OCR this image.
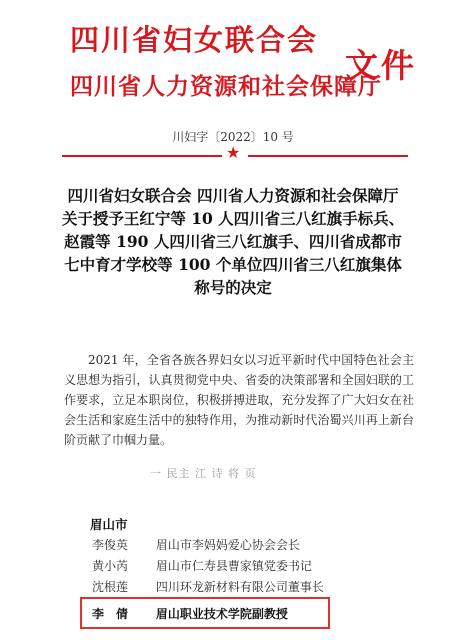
四川省妇女联合会
四川省人力资源和社会保障厅
文件
川妇字〔2022〕10 号
★
四川省妇女联合会 四川省人力资源和社会保障厅
关于授予王红宁等 10 人四川省三八红旗手标兵、
赵霞等 190 人四川省三八红旗手、四川省成都市
七中育才学校等 100 个单位四川省三八红旗集体
称号的决定
2021 年，全省各族各界妇女以习近平新时代中国特色社会主义思想为指引，认真贯彻党中央、省委的决策部署和全国妇联的工作要求，立足本职岗位，积极拼搏进取，充分发挥了广大妇女在社会生活和家庭生活中的独特作用，为推动新时代治蜀兴川再上新台阶贡献了巾帼力量。
一 民主 江 诗 将 页
眉山市
李俊英 眉山市李妈妈爱心协会会长
黄小芮 眉山市仁寿县曹家镇党委书记
沈根莲 四川环龙新材料有限公司董事长
李　倩 眉山职业技术学院副教授
